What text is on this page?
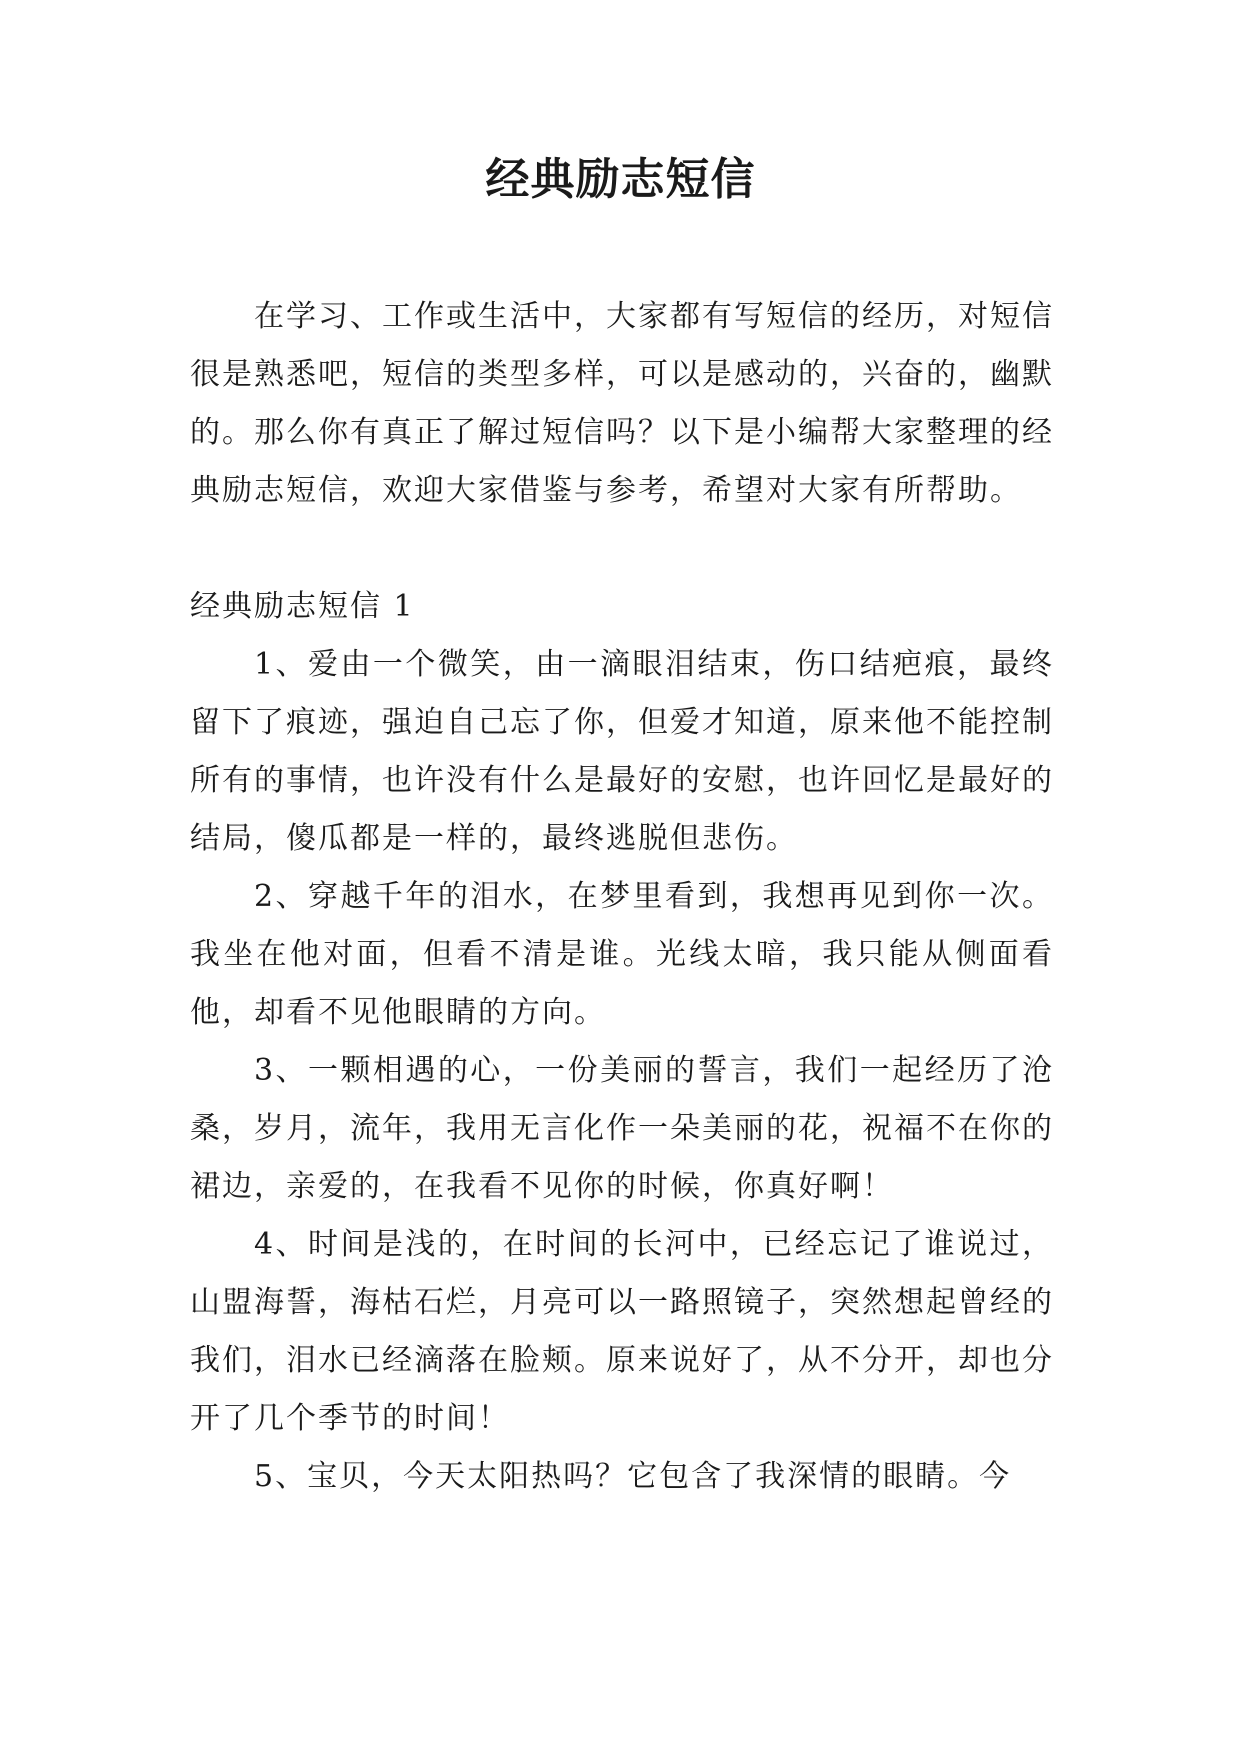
经典励志短信

在学习、工作或生活中，大家都有写短信的经历，对短信很是熟悉吧，短信的类型多样，可以是感动的，兴奋的，幽默的。那么你有真正了解过短信吗？以下是小编帮大家整理的经典励志短信，欢迎大家借鉴与参考，希望对大家有所帮助。

经典励志短信 1

1、爱由一个微笑，由一滴眼泪结束，伤口结疤痕，最终留下了痕迹，强迫自己忘了你，但爱才知道，原来他不能控制所有的事情，也许没有什么是最好的安慰，也许回忆是最好的结局，傻瓜都是一样的，最终逃脱但悲伤。

2、穿越千年的泪水，在梦里看到，我想再见到你一次。我坐在他对面，但看不清是谁。光线太暗，我只能从侧面看他，却看不见他眼睛的方向。

3、一颗相遇的心，一份美丽的誓言，我们一起经历了沧桑，岁月，流年，我用无言化作一朵美丽的花，祝福不在你的裙边，亲爱的，在我看不见你的时候，你真好啊！

4、时间是浅的，在时间的长河中，已经忘记了谁说过，山盟海誓，海枯石烂，月亮可以一路照镜子，突然想起曾经的我们，泪水已经滴落在脸颊。原来说好了，从不分开，却也分开了几个季节的时间！

5、宝贝，今天太阳热吗？它包含了我深情的眼睛。今
